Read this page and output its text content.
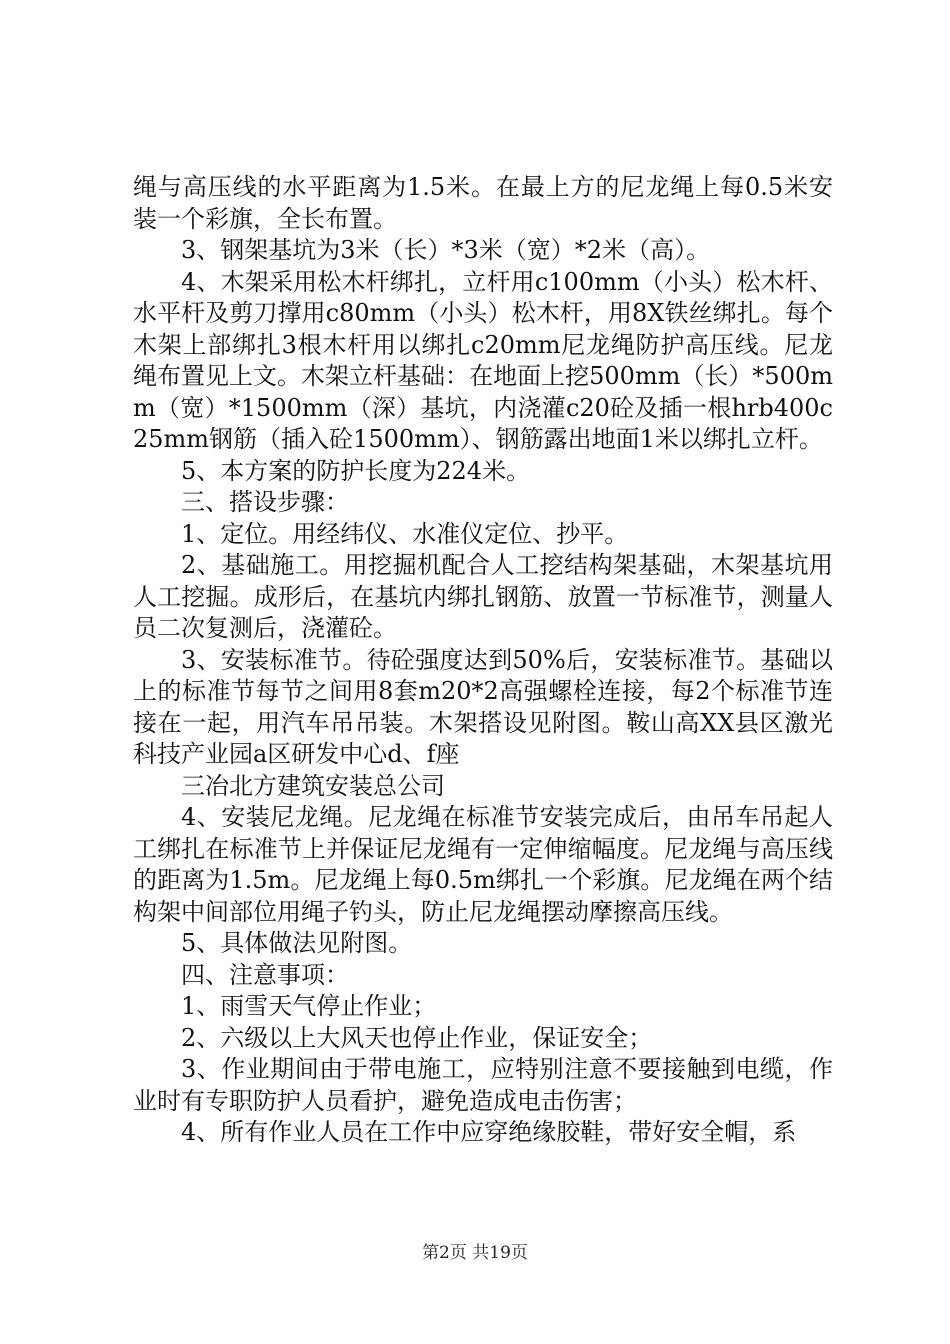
绳与高压线的水平距离为1.5米。在最上方的尼龙绳上每0.5米安装一个彩旗，全长布置。

3、钢架基坑为3米（长）*3米（宽）*2米（高）。

4、木架采用松木杆绑扎，立杆用c100mm（小头）松木杆、水平杆及剪刀撑用c80mm（小头）松木杆，用8X铁丝绑扎。每个木架上部绑扎3根木杆用以绑扎c20mm尼龙绳防护高压线。尼龙绳布置见上文。木架立杆基础：在地面上挖500mm（长）*500mm（宽）*1500mm（深）基坑，内浇灌c20砼及插一根hrb400c25mm钢筋（插入砼1500mm）、钢筋露出地面1米以绑扎立杆。

5、本方案的防护长度为224米。

三、搭设步骤：

1、定位。用经纬仪、水准仪定位、抄平。

2、基础施工。用挖掘机配合人工挖结构架基础，木架基坑用人工挖掘。成形后，在基坑内绑扎钢筋、放置一节标准节，测量人员二次复测后，浇灌砼。

3、安装标准节。待砼强度达到50%后，安装标准节。基础以上的标准节每节之间用8套m20*2高强螺栓连接，每2个标准节连接在一起，用汽车吊吊装。木架搭设见附图。鞍山高XX县区激光科技产业园a区研发中心d、f座

三冶北方建筑安装总公司

4、安装尼龙绳。尼龙绳在标准节安装完成后，由吊车吊起人工绑扎在标准节上并保证尼龙绳有一定伸缩幅度。尼龙绳与高压线的距离为1.5m。尼龙绳上每0.5m绑扎一个彩旗。尼龙绳在两个结构架中间部位用绳子钓头，防止尼龙绳摆动摩擦高压线。

5、具体做法见附图。

四、注意事项：

1、雨雪天气停止作业；

2、六级以上大风天也停止作业，保证安全；

3、作业期间由于带电施工，应特别注意不要接触到电缆，作业时有专职防护人员看护，避免造成电击伤害；

4、所有作业人员在工作中应穿绝缘胶鞋，带好安全帽，系

第2页 共19页
